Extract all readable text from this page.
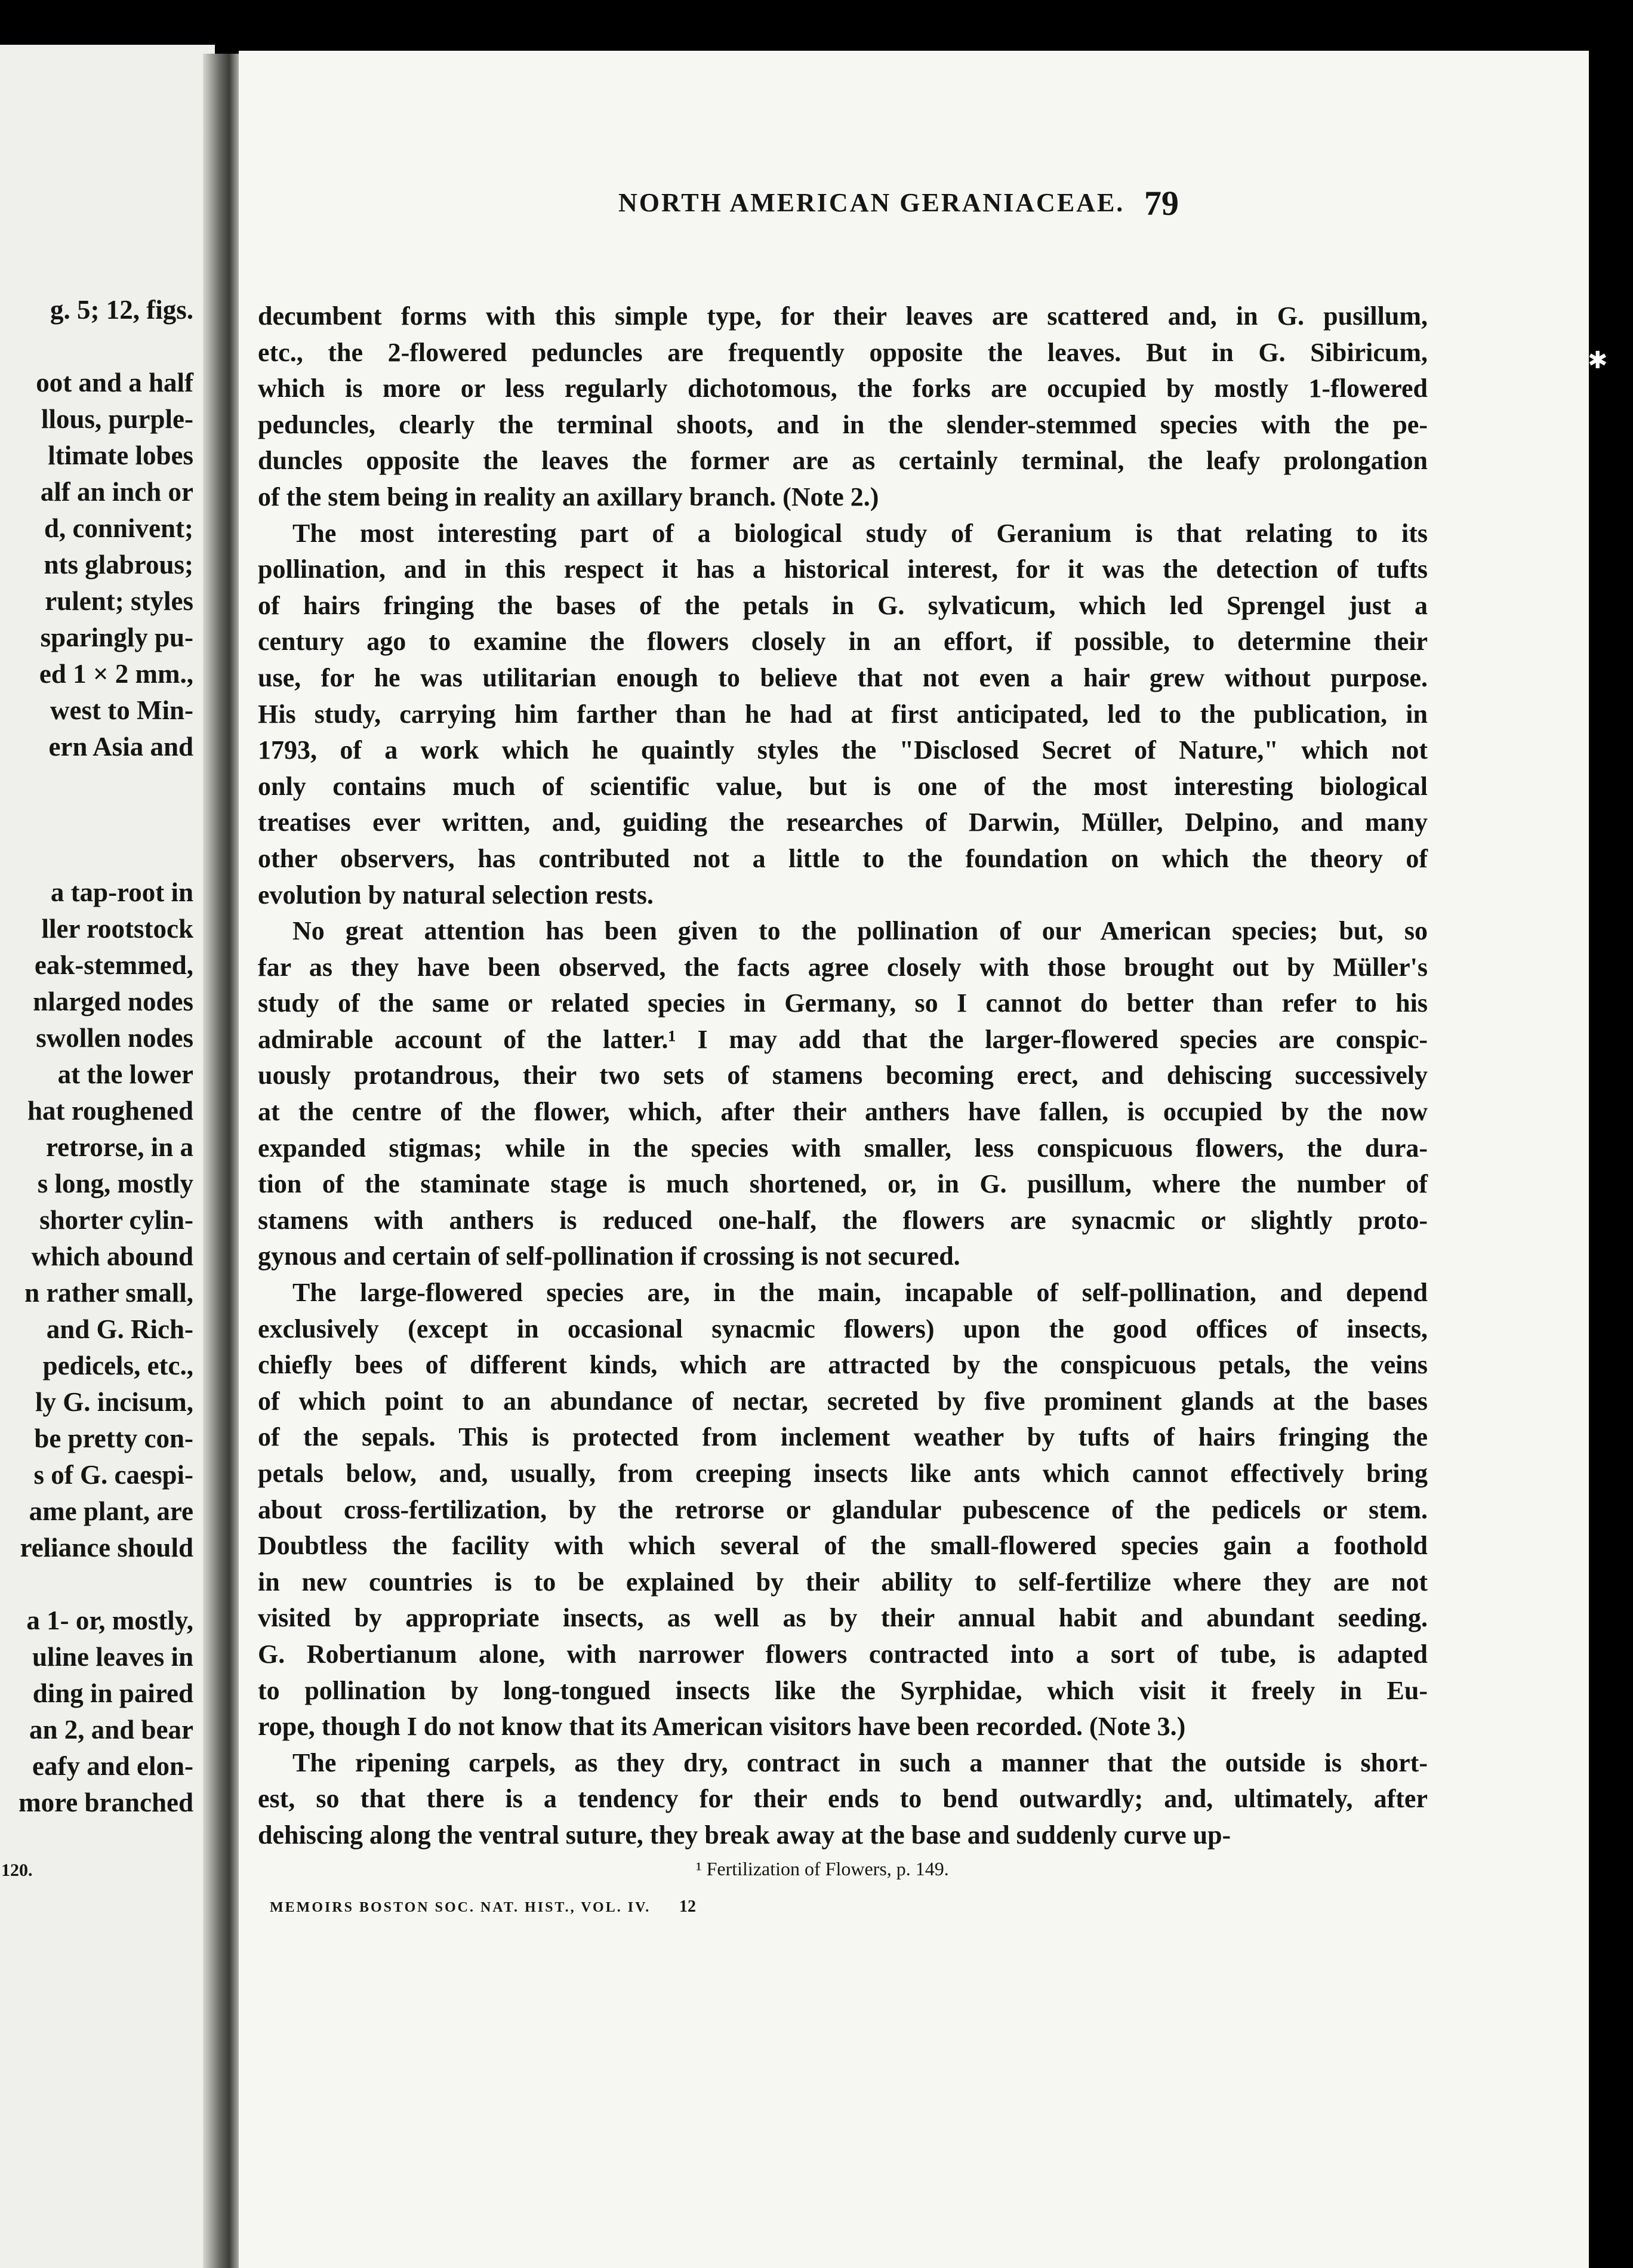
g. 5; 12, figs.
oot and a half
llous, purple-
ltimate lobes
alf an inch or
d, connivent;
nts glabrous;
rulent; styles
sparingly pu-
ed 1 × 2 mm.,
west to Min-
ern Asia and
a tap-root in
ller rootstock
eak-stemmed,
nlarged nodes
swollen nodes
at the lower
hat roughened
retrorse, in a
s long, mostly
shorter cylin-
which abound
n rather small,
and G. Rich-
pedicels, etc.,
ly G. incisum,
be pretty con-
s of G. caespi-
ame plant, are
reliance should
a 1- or, mostly,
uline leaves in
ding in paired
an 2, and bear
eafy and elon-
more branched
120.
NORTH AMERICAN GERANIACEAE. 79
decumbent forms with this simple type, for their leaves are scattered and, in G. pusillum,
etc., the 2-flowered peduncles are frequently opposite the leaves. But in G. Sibiricum,
which is more or less regularly dichotomous, the forks are occupied by mostly 1-flowered
peduncles, clearly the terminal shoots, and in the slender-stemmed species with the pe-
duncles opposite the leaves the former are as certainly terminal, the leafy prolongation
of the stem being in reality an axillary branch. (Note 2.)
The most interesting part of a biological study of Geranium is that relating to its
pollination, and in this respect it has a historical interest, for it was the detection of tufts
of hairs fringing the bases of the petals in G. sylvaticum, which led Sprengel just a
century ago to examine the flowers closely in an effort, if possible, to determine their
use, for he was utilitarian enough to believe that not even a hair grew without purpose.
His study, carrying him farther than he had at first anticipated, led to the publication, in
1793, of a work which he quaintly styles the "Disclosed Secret of Nature," which not
only contains much of scientific value, but is one of the most interesting biological
treatises ever written, and, guiding the researches of Darwin, Müller, Delpino, and many
other observers, has contributed not a little to the foundation on which the theory of
evolution by natural selection rests.
No great attention has been given to the pollination of our American species; but, so
far as they have been observed, the facts agree closely with those brought out by Müller's
study of the same or related species in Germany, so I cannot do better than refer to his
admirable account of the latter.¹ I may add that the larger-flowered species are conspic-
uously protandrous, their two sets of stamens becoming erect, and dehiscing successively
at the centre of the flower, which, after their anthers have fallen, is occupied by the now
expanded stigmas; while in the species with smaller, less conspicuous flowers, the dura-
tion of the staminate stage is much shortened, or, in G. pusillum, where the number of
stamens with anthers is reduced one-half, the flowers are synacmic or slightly proto-
gynous and certain of self-pollination if crossing is not secured.
The large-flowered species are, in the main, incapable of self-pollination, and depend
exclusively (except in occasional synacmic flowers) upon the good offices of insects,
chiefly bees of different kinds, which are attracted by the conspicuous petals, the veins
of which point to an abundance of nectar, secreted by five prominent glands at the bases
of the sepals. This is protected from inclement weather by tufts of hairs fringing the
petals below, and, usually, from creeping insects like ants which cannot effectively bring
about cross-fertilization, by the retrorse or glandular pubescence of the pedicels or stem.
Doubtless the facility with which several of the small-flowered species gain a foothold
in new countries is to be explained by their ability to self-fertilize where they are not
visited by appropriate insects, as well as by their annual habit and abundant seeding.
G. Robertianum alone, with narrower flowers contracted into a sort of tube, is adapted
to pollination by long-tongued insects like the Syrphidae, which visit it freely in Eu-
rope, though I do not know that its American visitors have been recorded. (Note 3.)
The ripening carpels, as they dry, contract in such a manner that the outside is short-
est, so that there is a tendency for their ends to bend outwardly; and, ultimately, after
dehiscing along the ventral suture, they break away at the base and suddenly curve up-
¹ Fertilization of Flowers, p. 149.
MEMOIRS BOSTON SOC. NAT. HIST., VOL. IV. 12
✱
